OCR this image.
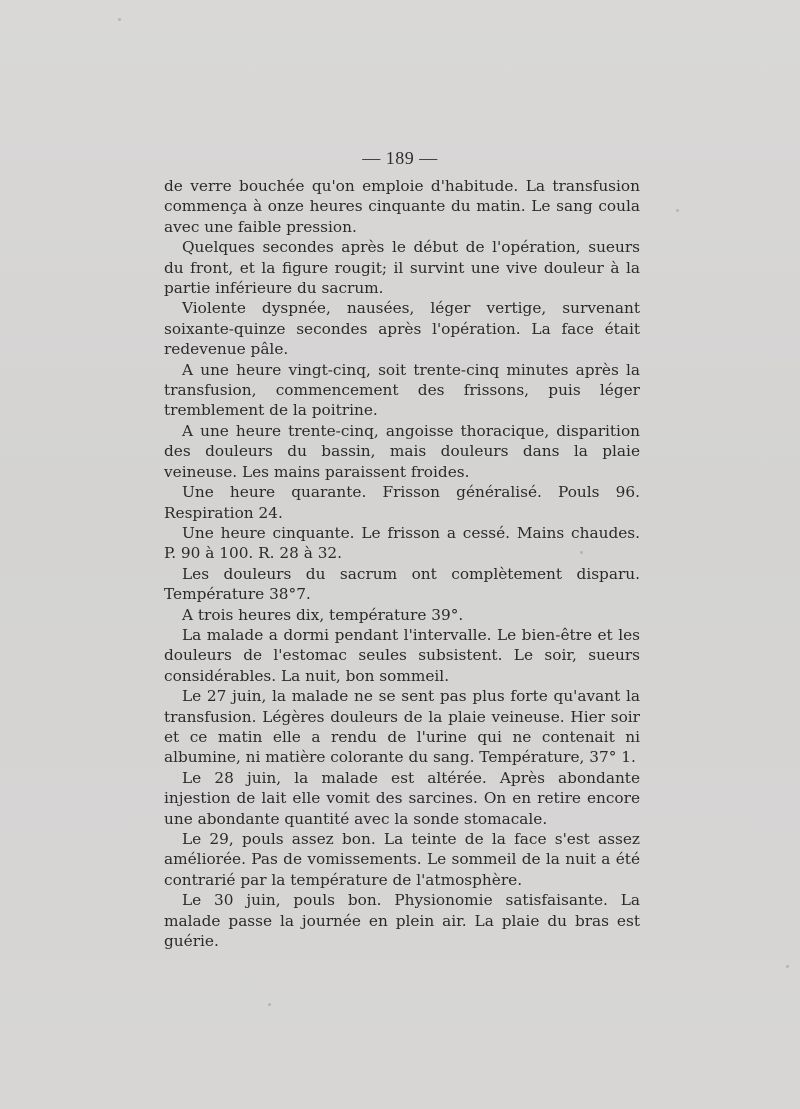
— 189 —

de verre bouchée qu'on emploie d'habitude. La transfusion commença à onze heures cinquante du matin. Le sang coula avec une faible pression.

Quelques secondes après le début de l'opération, sueurs du front, et la figure rougit; il survint une vive douleur à la partie inférieure du sacrum.

Violente dyspnée, nausées, léger vertige, survenant soixante-quinze secondes après l'opération. La face était redevenue pâle.

A une heure vingt-cinq, soit trente-cinq minutes après la transfusion, commencement des frissons, puis léger tremblement de la poitrine.

A une heure trente-cinq, angoisse thoracique, disparition des douleurs du bassin, mais douleurs dans la plaie veineuse. Les mains paraissent froides.

Une heure quarante. Frisson généralisé. Pouls 96. Respiration 24.

Une heure cinquante. Le frisson a cessé. Mains chaudes. P. 90 à 100. R. 28 à 32.

Les douleurs du sacrum ont complètement disparu. Température 38°7.

A trois heures dix, température 39°.

La malade a dormi pendant l'intervalle. Le bien-être et les douleurs de l'estomac seules subsistent. Le soir, sueurs considérables. La nuit, bon sommeil.

Le 27 juin, la malade ne se sent pas plus forte qu'avant la transfusion. Légères douleurs de la plaie veineuse. Hier soir et ce matin elle a rendu de l'urine qui ne contenait ni albumine, ni matière colorante du sang. Température, 37° 1.

Le 28 juin, la malade est altérée. Après abondante injestion de lait elle vomit des sarcines. On en retire encore une abondante quantité avec la sonde stomacale.

Le 29, pouls assez bon. La teinte de la face s'est assez améliorée. Pas de vomissements. Le sommeil de la nuit a été contrarié par la température de l'atmosphère.

Le 30 juin, pouls bon. Physionomie satisfaisante. La malade passe la journée en plein air. La plaie du bras est guérie.
